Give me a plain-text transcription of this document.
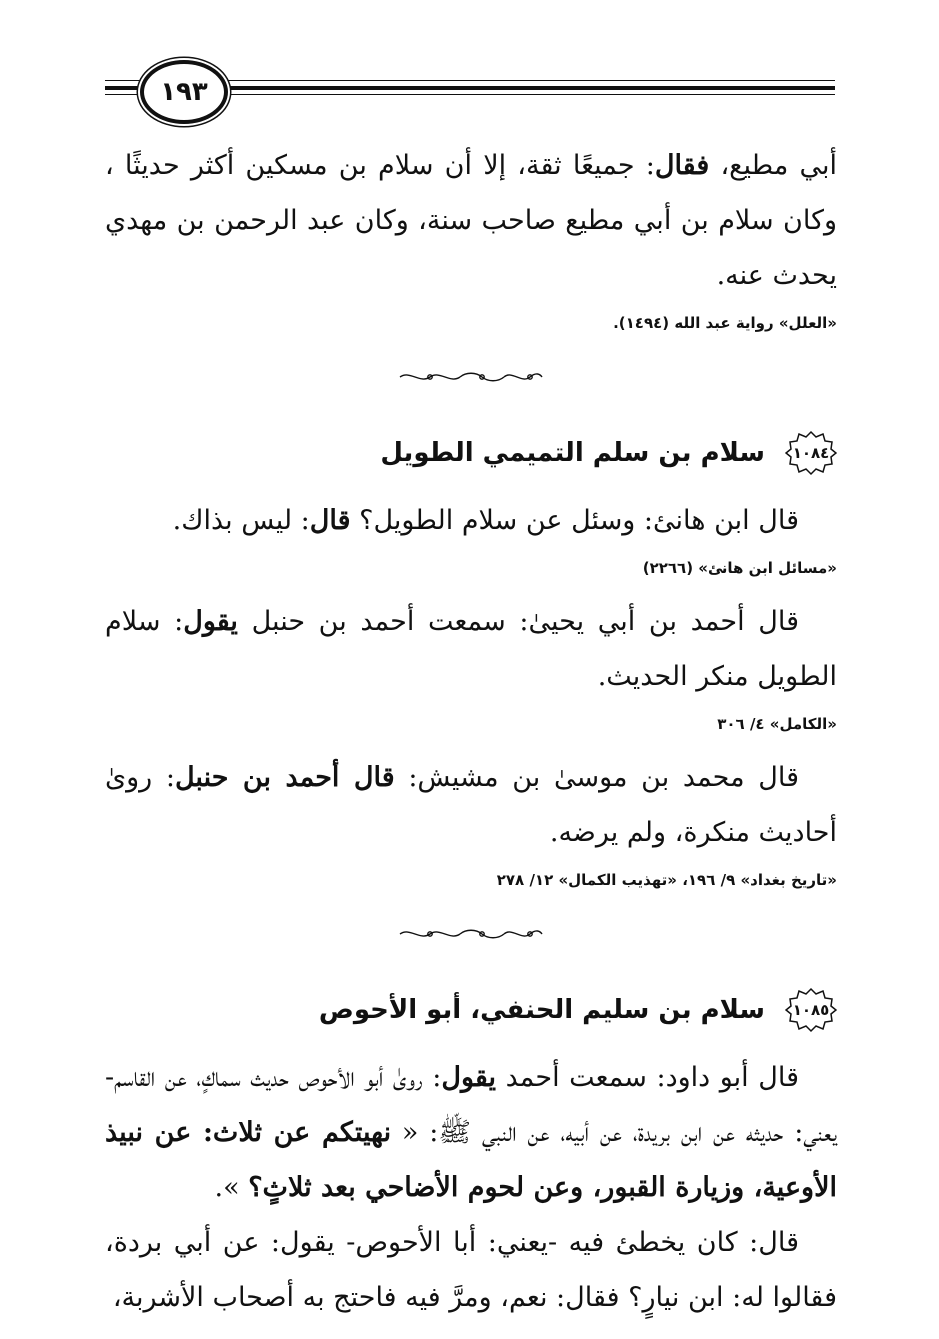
١٩٣

أبي مطيع، فقال: جميعًا ثقة، إلا أن سلام بن مسكين أكثر حديثًا ، وكان سلام بن أبي مطيع صاحب سنة، وكان عبد الرحمن بن مهدي يحدث عنه.

«العلل» رواية عبد الله (١٤٩٤).
١٠٨٤
سلام بن سلم التميمي الطويل

قال ابن هانئ: وسئل عن سلام الطويل؟ قال: ليس بذاك.

«مسائل ابن هانئ» (٢٢٦٦)

قال أحمد بن أبي يحيىٰ: سمعت أحمد بن حنبل يقول: سلام الطويل منكر الحديث.

«الكامل» ٤/ ٣٠٦

قال محمد بن موسىٰ بن مشيش: قال أحمد بن حنبل: روىٰ أحاديث منكرة، ولم يرضه.

«تاريخ بغداد» ٩/ ١٩٦، «تهذيب الكمال» ١٢/ ٢٧٨
١٠٨٥
سلام بن سليم الحنفي، أبو الأحوص

قال أبو داود: سمعت أحمد يقول: روىٰ أبو الأحوص حديث سماكٍ، عن القاسم- يعني: حديثه عن ابن بريدة، عن أبيه، عن النبي ﷺ: « نهيتكم عن ثلاث: عن نبيذ الأوعية، وزيارة القبور، وعن لحوم الأضاحي بعد ثلاثٍ؟ ».

قال: كان يخطئ فيه -يعني: أبا الأحوص- يقول: عن أبي بردة، فقالوا له: ابن نيارٍ؟ فقال: نعم، ومرَّ فيه فاحتج به أصحاب الأشربة،
